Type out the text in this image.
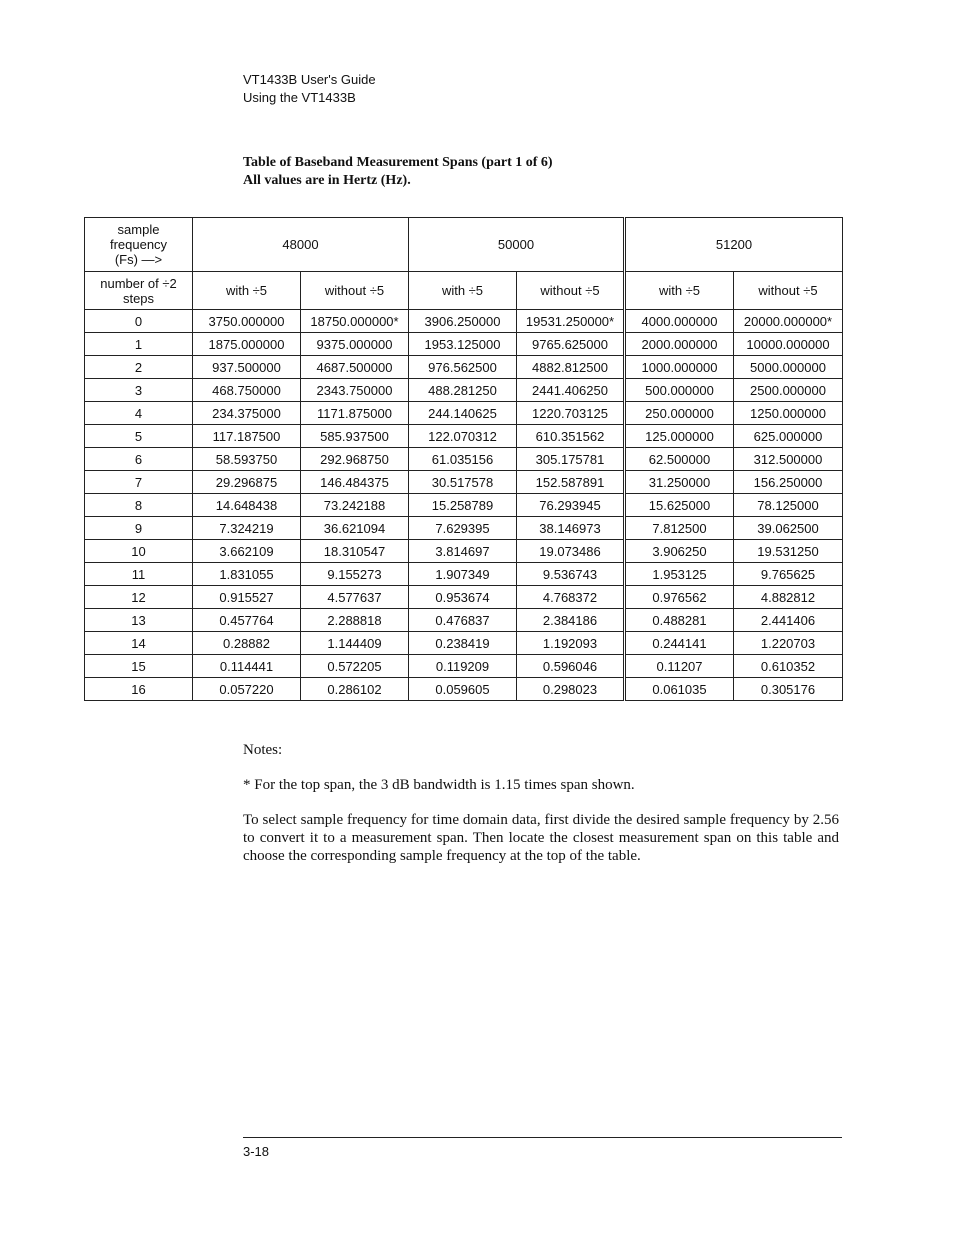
VT1433B User's Guide
Using the VT1433B
Table of Baseband Measurement Spans (part 1 of 6)
All values are in Hertz (Hz).
sample
frequency
(Fs) —>	48000		50000		51200	

number of ÷2
steps	with ÷5	without ÷5	with ÷5	without ÷5	with ÷5	without ÷5
0	3750.000000	18750.000000*	3906.250000	19531.250000*	4000.000000	20000.000000*
1	1875.000000	9375.000000	1953.125000	9765.625000	2000.000000	10000.000000
2	937.500000	4687.500000	976.562500	4882.812500	1000.000000	5000.000000
3	468.750000	2343.750000	488.281250	2441.406250	500.000000	2500.000000
4	234.375000	1171.875000	244.140625	1220.703125	250.000000	1250.000000
5	117.187500	585.937500	122.070312	610.351562	125.000000	625.000000
6	58.593750	292.968750	61.035156	305.175781	62.500000	312.500000
7	29.296875	146.484375	30.517578	152.587891	31.250000	156.250000
8	14.648438	73.242188	15.258789	76.293945	15.625000	78.125000
9	7.324219	36.621094	7.629395	38.146973	7.812500	39.062500
10	3.662109	18.310547	3.814697	19.073486	3.906250	19.531250
11	1.831055	9.155273	1.907349	9.536743	1.953125	9.765625
12	0.915527	4.577637	0.953674	4.768372	0.976562	4.882812
13	0.457764	2.288818	0.476837	2.384186	0.488281	2.441406
14	0.28882	1.144409	0.238419	1.192093	0.244141	1.220703
15	0.114441	0.572205	0.119209	0.596046	0.11207	0.610352
16	0.057220	0.286102	0.059605	0.298023	0.061035	0.305176

Notes:

* For the top span, the 3 dB bandwidth is 1.15 times span shown.

To select sample frequency for time domain data, first divide the desired sample frequency by 2.56 to convert it to a measurement span. Then locate the closest measurement span on this table and choose the corresponding sample frequency at the top of the table.

3-18
